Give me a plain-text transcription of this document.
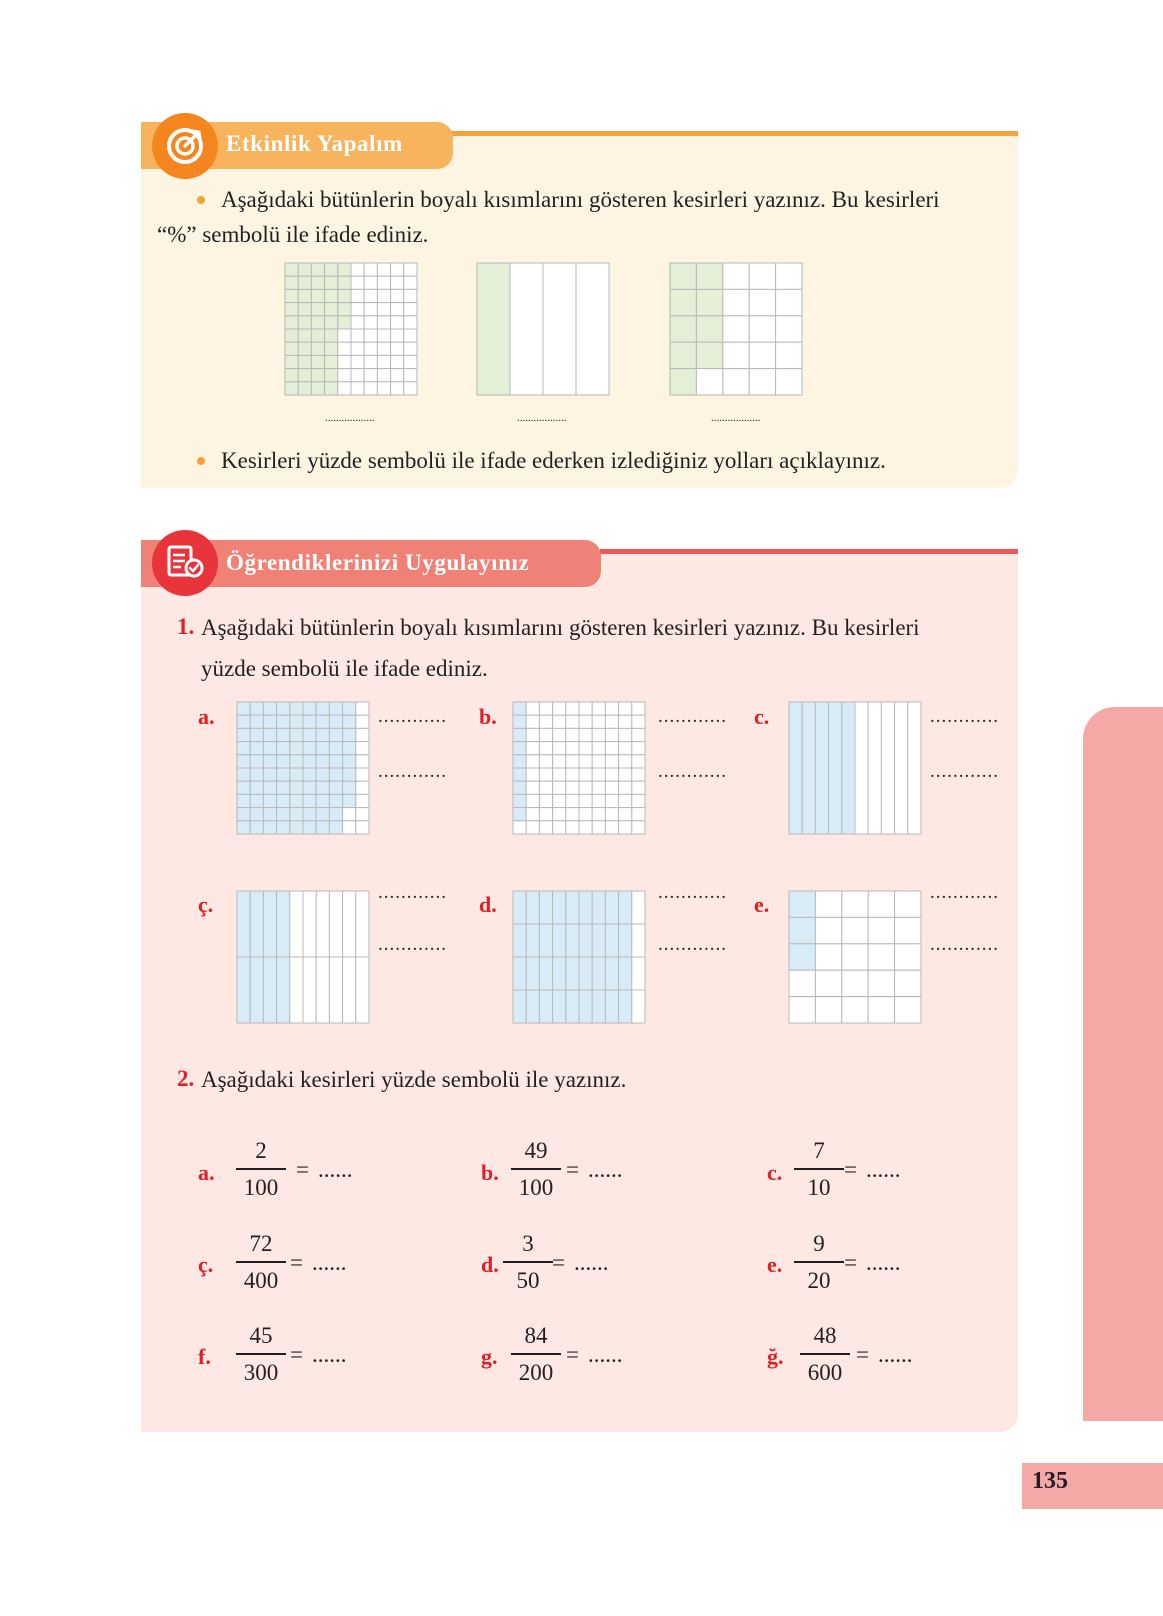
Etkinlik Yapalım
Aşağıdaki bütünlerin boyalı kısımlarını gösteren kesirleri yazınız. Bu kesirleri
“%” sembolü ile ifade ediniz.
..................	..................	..................
Kesirleri yüzde sembolü ile ifade ederken izlediğiniz yolları açıklayınız.
Öğrendiklerinizi Uygulayınız
1. Aşağıdaki bütünlerin boyalı kısımlarını gösteren kesirleri yazınız. Bu kesirleri
yüzde sembolü ile ifade ediniz.
a.	............
............
b.	............
............
c.	............
............
ç.	............
............
d.	............
............
e.	............
............
2. Aşağıdaki kesirleri yüzde sembolü ile yazınız.
a.
2
100
= ......	b.
49
100
= ......	c.
7
10
= ......
ç.
72
400
= ......	d.
3
50
= ......	e.
9
20
= ......
f.
45
300
= ......	g.
84
200
= ......	ğ.
48
600
= ......
135
